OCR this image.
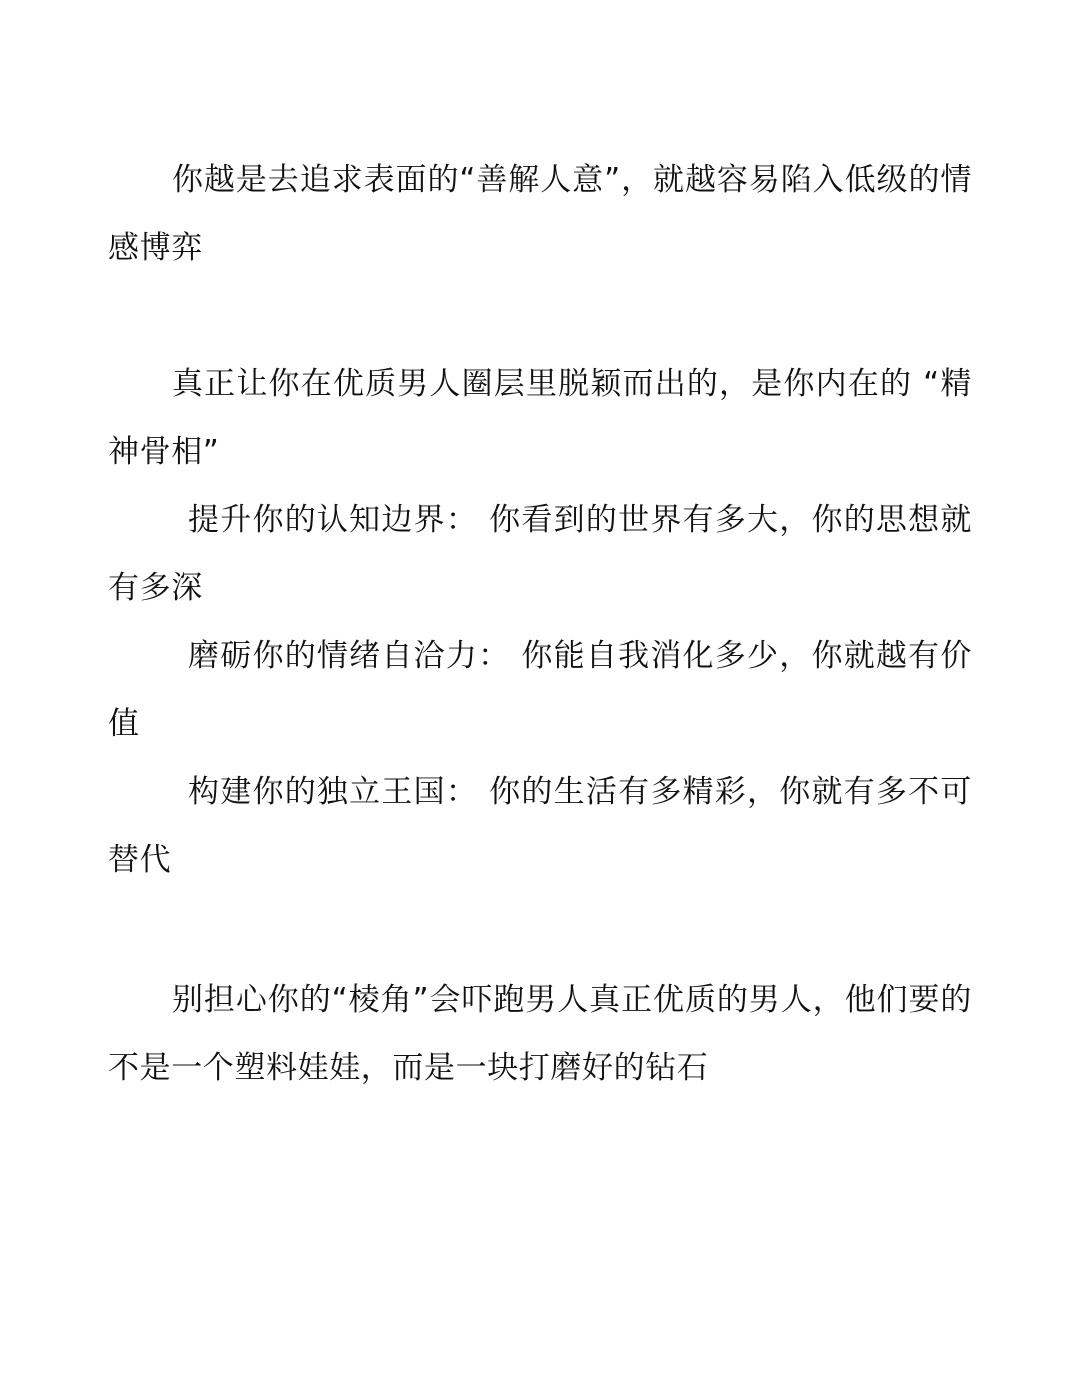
你越是去追求表面的“善解人意”，就越容易陷入低级的情感博弈

真正让你在优质男人圈层里脱颖而出的，是你内在的 “精神骨相”

提升你的认知边界： 你看到的世界有多大，你的思想就有多深

磨砺你的情绪自洽力： 你能自我消化多少，你就越有价值

构建你的独立王国： 你的生活有多精彩，你就有多不可替代

别担心你的“棱角”会吓跑男人真正优质的男人，他们要的不是一个塑料娃娃，而是一块打磨好的钻石
